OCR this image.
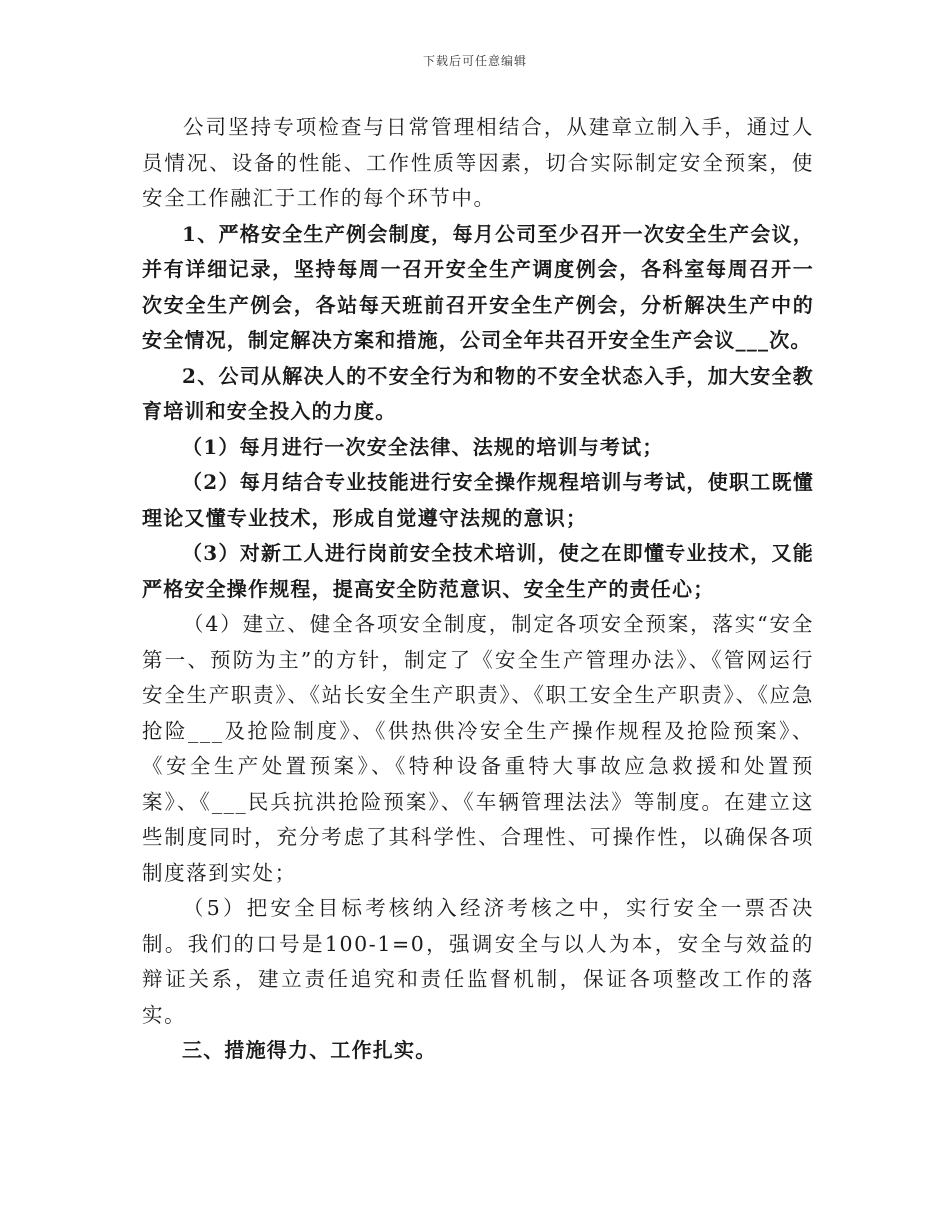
下载后可任意编辑

公司坚持专项检查与日常管理相结合，从建章立制入手，通过人员情况、设备的性能、工作性质等因素，切合实际制定安全预案，使安全工作融汇于工作的每个环节中。

1、严格安全生产例会制度，每月公司至少召开一次安全生产会议，并有详细记录，坚持每周一召开安全生产调度例会，各科室每周召开一次安全生产例会，各站每天班前召开安全生产例会，分析解决生产中的安全情况，制定解决方案和措施，公司全年共召开安全生产会议___次。

2、公司从解决人的不安全行为和物的不安全状态入手，加大安全教育培训和安全投入的力度。

（1）每月进行一次安全法律、法规的培训与考试；

（2）每月结合专业技能进行安全操作规程培训与考试，使职工既懂理论又懂专业技术，形成自觉遵守法规的意识；

（3）对新工人进行岗前安全技术培训，使之在即懂专业技术，又能严格安全操作规程，提高安全防范意识、安全生产的责任心；

（4）建立、健全各项安全制度，制定各项安全预案，落实“安全第一、预防为主”的方针，制定了《安全生产管理办法》、《管网运行安全生产职责》、《站长安全生产职责》、《职工安全生产职责》、《应急抢险___及抢险制度》、《供热供冷安全生产操作规程及抢险预案》、《安全生产处置预案》、《特种设备重特大事故应急救援和处置预案》、《___民兵抗洪抢险预案》、《车辆管理法法》等制度。在建立这些制度同时，充分考虑了其科学性、合理性、可操作性，以确保各项制度落到实处；

（5）把安全目标考核纳入经济考核之中，实行安全一票否决制。我们的口号是100-1=0，强调安全与以人为本，安全与效益的辩证关系，建立责任追究和责任监督机制，保证各项整改工作的落实。

三、措施得力、工作扎实。
